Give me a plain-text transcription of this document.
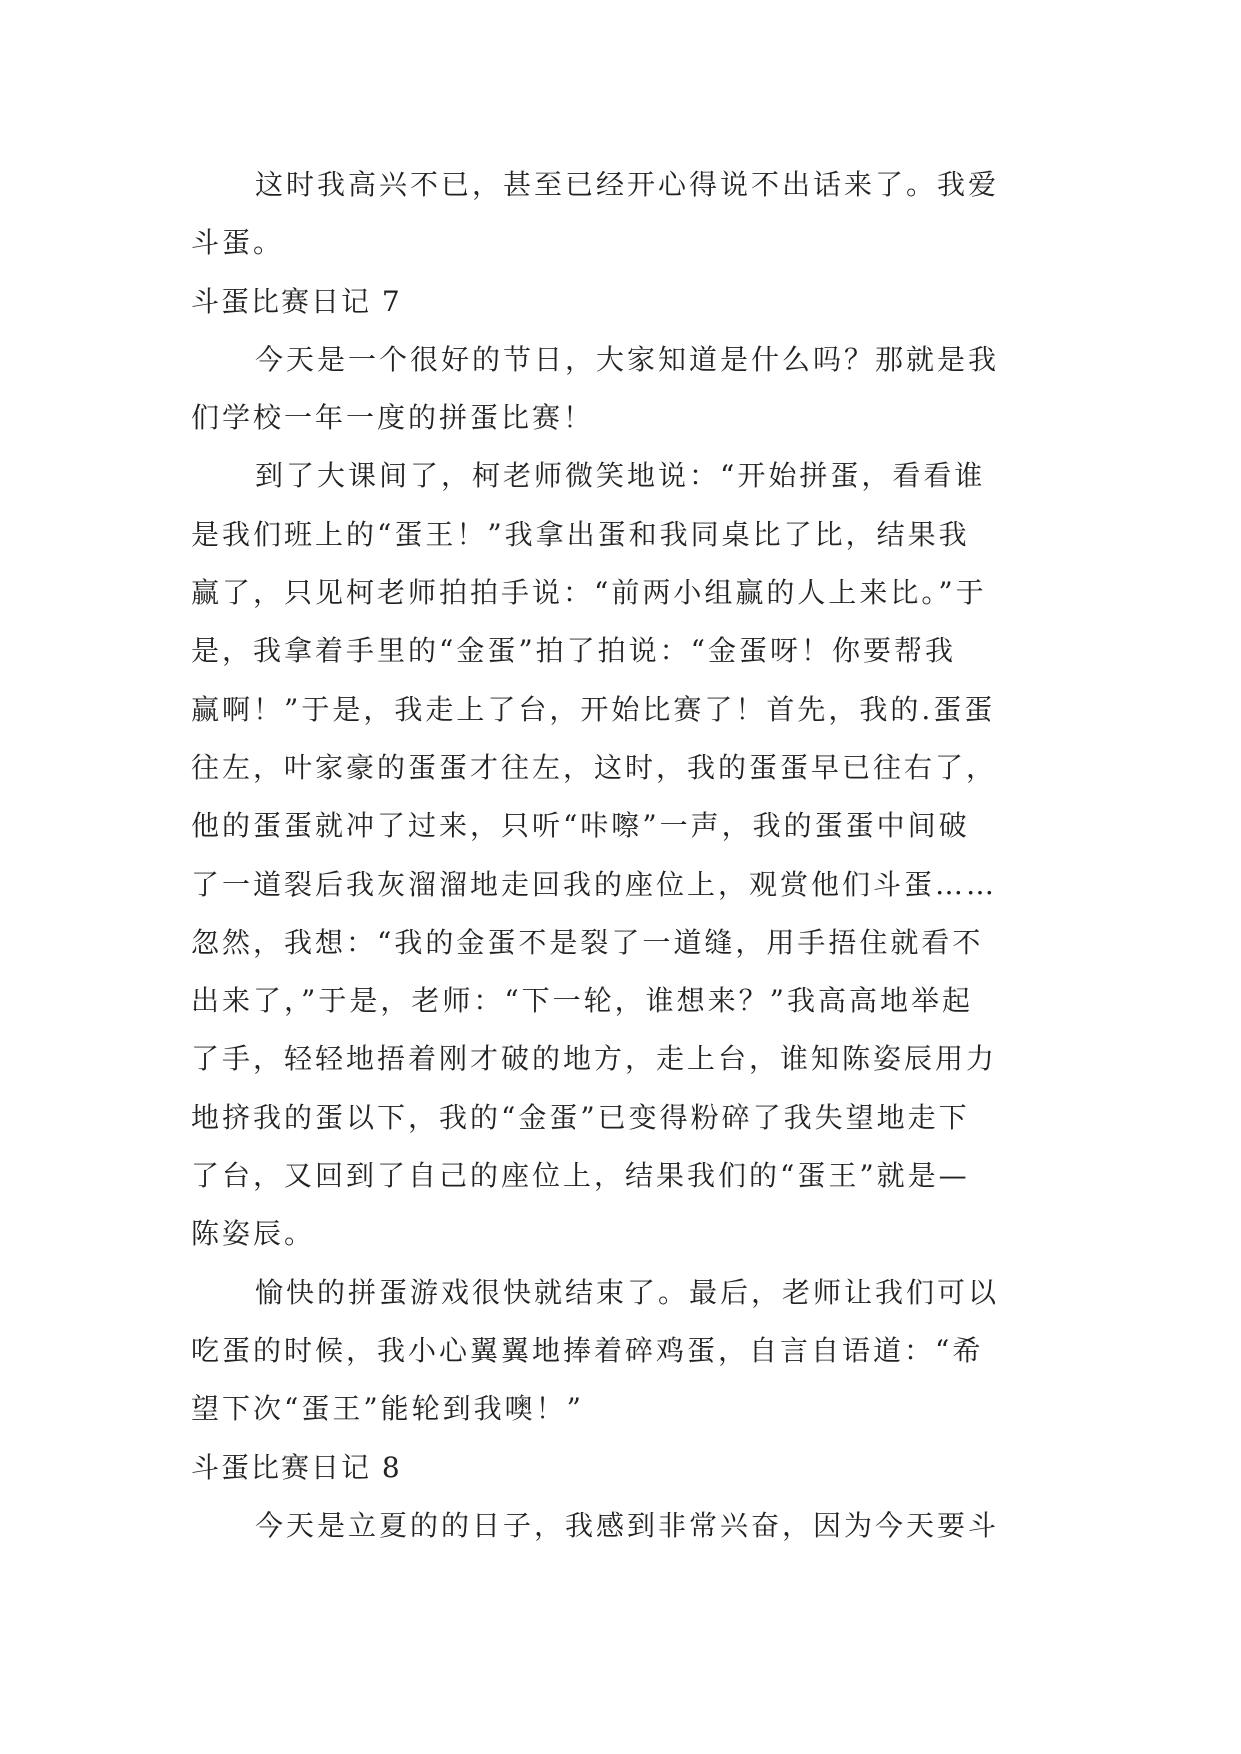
这时我高兴不已，甚至已经开心得说不出话来了。我爱
斗蛋。
斗蛋比赛日记 7
今天是一个很好的节日，大家知道是什么吗？那就是我
们学校一年一度的拼蛋比赛！
到了大课间了，柯老师微笑地说：“开始拼蛋，看看谁
是我们班上的“蛋王！”我拿出蛋和我同桌比了比，结果我
赢了，只见柯老师拍拍手说：“前两小组赢的人上来比。”于
是，我拿着手里的“金蛋”拍了拍说：“金蛋呀！你要帮我
赢啊！”于是，我走上了台，开始比赛了！首先，我的.蛋蛋
往左，叶家豪的蛋蛋才往左，这时，我的蛋蛋早已往右了，
他的蛋蛋就冲了过来，只听“咔嚓”一声，我的蛋蛋中间破
了一道裂后我灰溜溜地走回我的座位上，观赏他们斗蛋……
忽然，我想：“我的金蛋不是裂了一道缝，用手捂住就看不
出来了，”于是，老师：“下一轮，谁想来？”我高高地举起
了手，轻轻地捂着刚才破的地方，走上台，谁知陈姿辰用力
地挤我的蛋以下，我的“金蛋”已变得粉碎了我失望地走下
了台，又回到了自己的座位上，结果我们的“蛋王”就是—
陈姿辰。
愉快的拼蛋游戏很快就结束了。最后，老师让我们可以
吃蛋的时候，我小心翼翼地捧着碎鸡蛋，自言自语道：“希
望下次“蛋王”能轮到我噢！”
斗蛋比赛日记 8
今天是立夏的的日子，我感到非常兴奋，因为今天要斗
